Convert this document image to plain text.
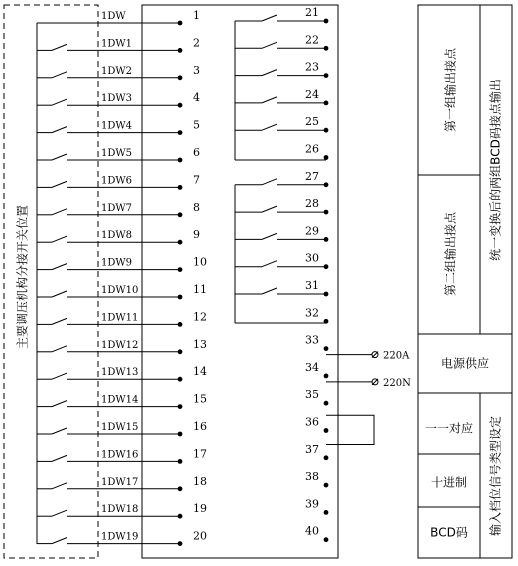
主要调压机构分接开关位置
1DW	1
1DW1	2
1DW2	3
1DW3	4
1DW4	5
1DW5	6
1DW6	7
1DW7	8
1DW8	9
1DW9	10
1DW10	11
1DW11	12
1DW12	13
1DW13	14
1DW14	15
1DW15	16
1DW16	17
1DW17	18
1DW18	19
1DW19	20
21
22
23
24
25
26
27
28
29
30
31
32
33
34
35
36
37
38
39
40
220A
220N
第一组输出接点
第二组输出接点	统一变换后的两组BCD码接点输出
电源供应
一一对应
十进制
BCD码 输入档位信号类型设定
